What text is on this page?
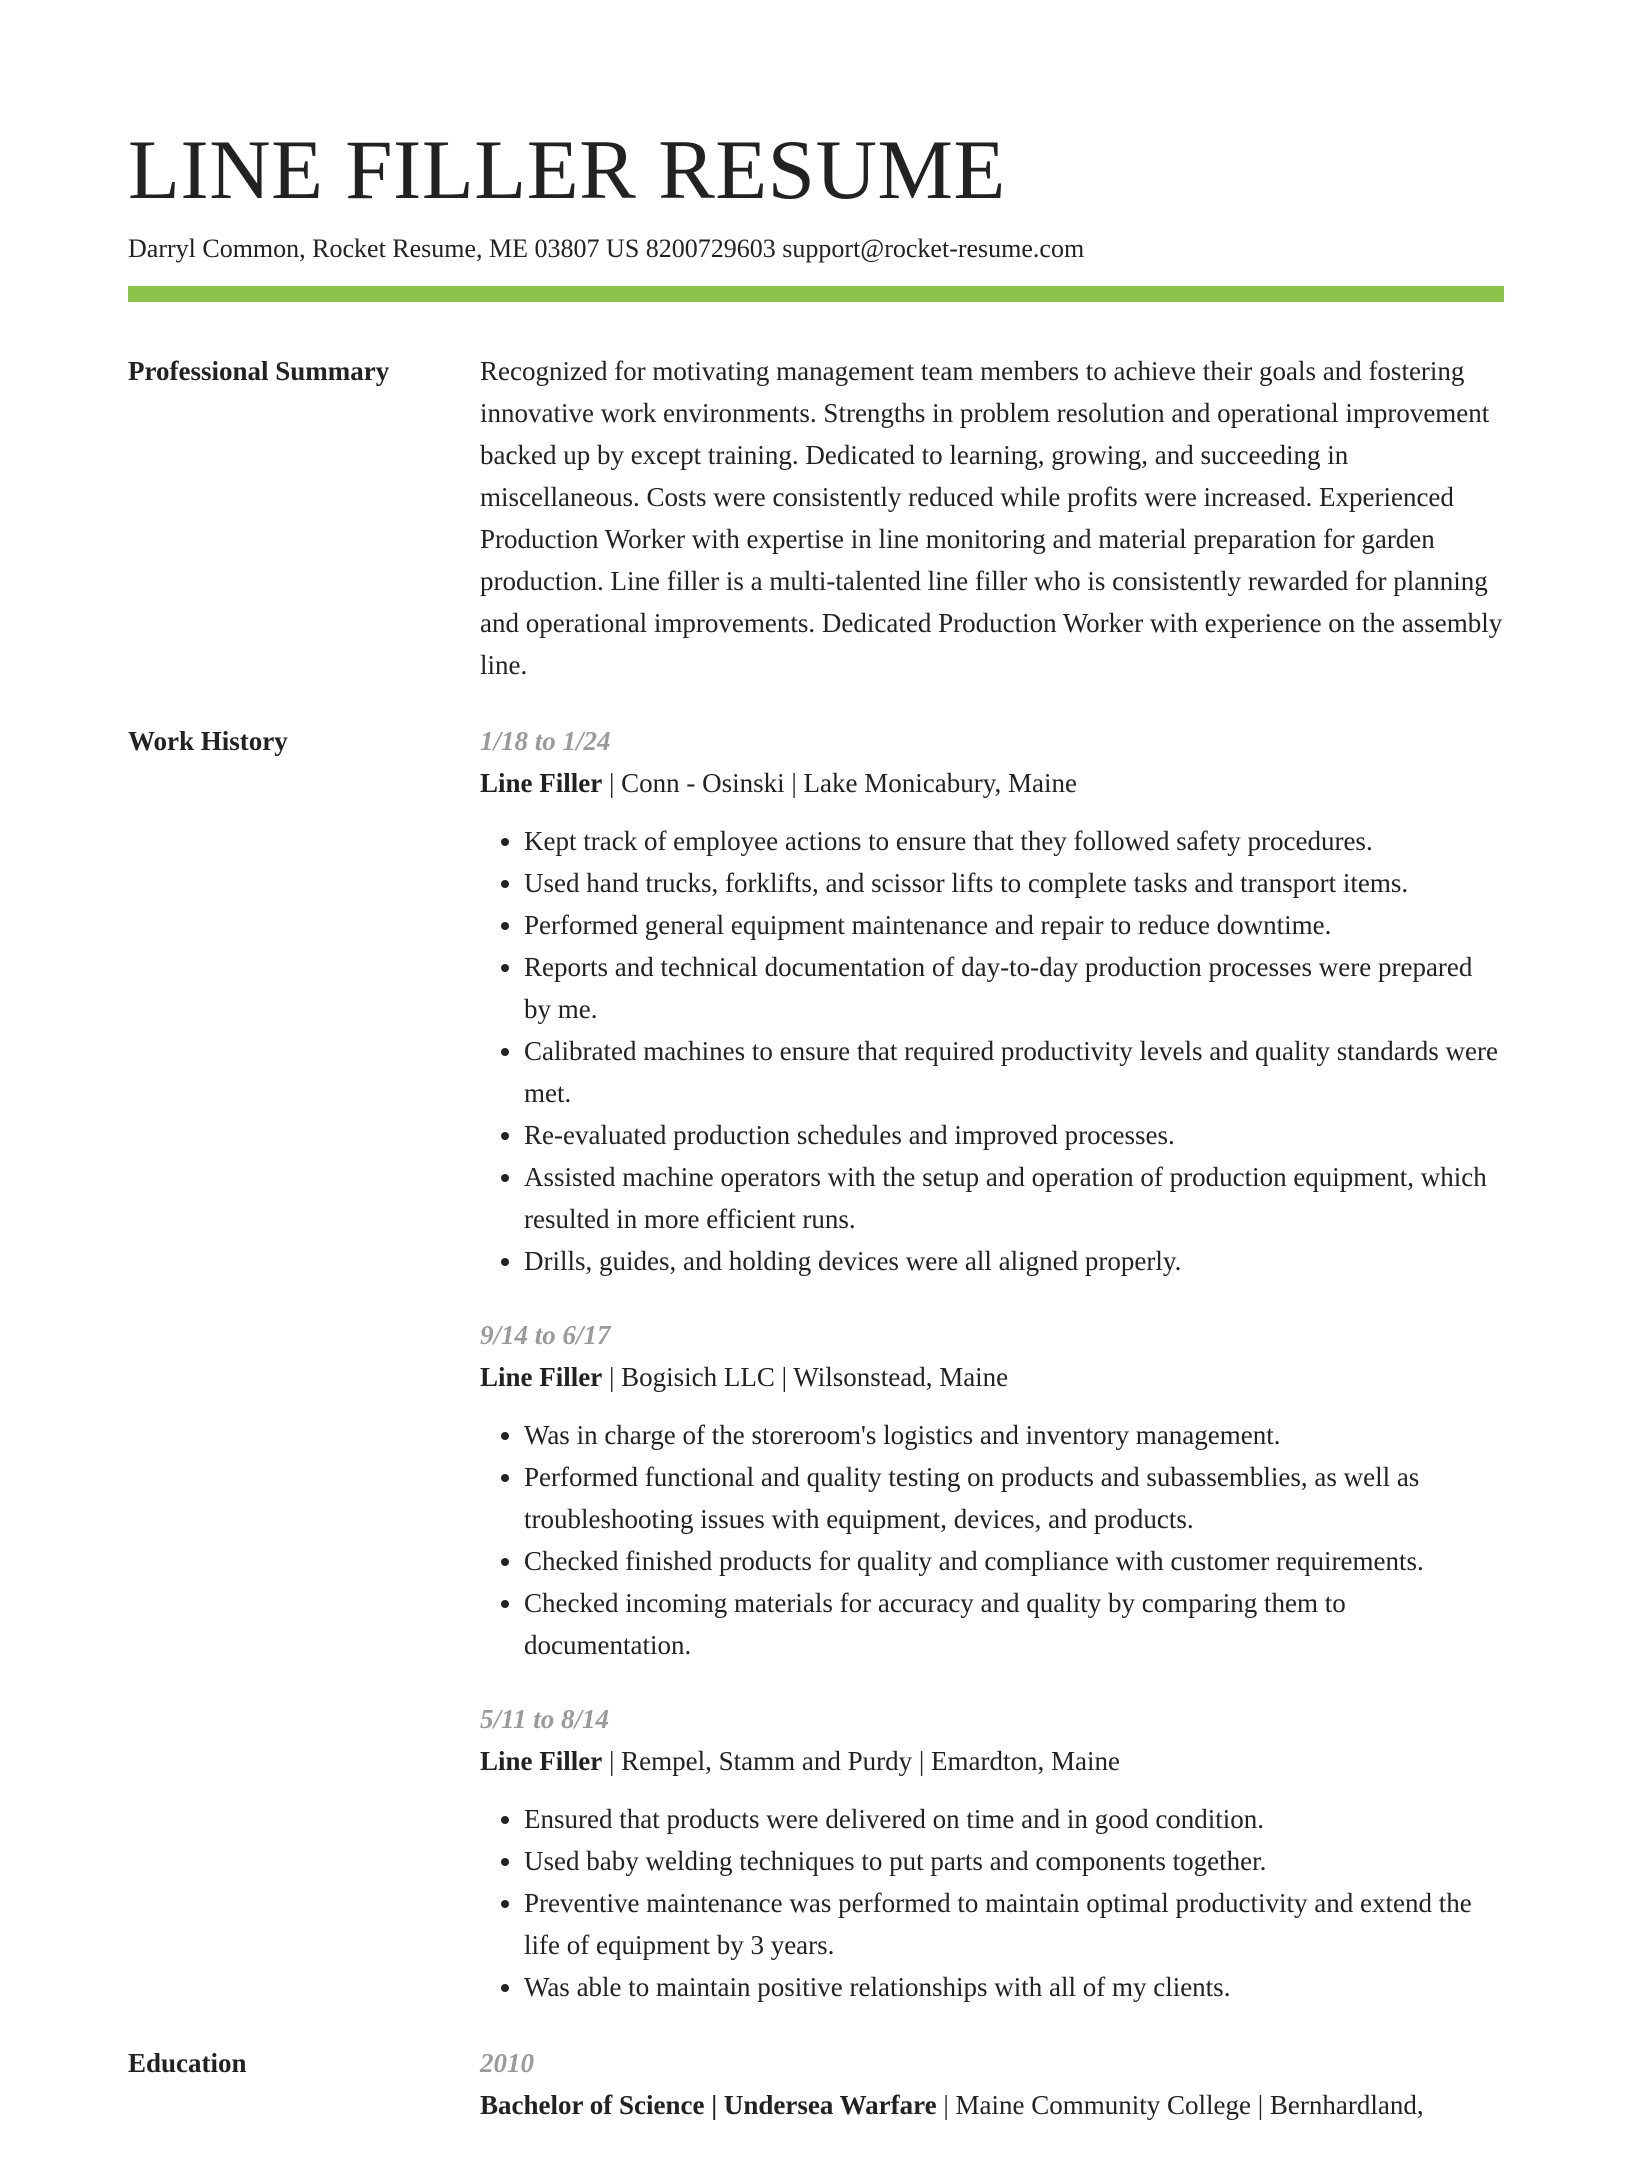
LINE FILLER RESUME
Darryl Common, Rocket Resume, ME 03807 US 8200729603 support@rocket-resume.com
Professional Summary	Recognized for motivating management team members to achieve their goals and fostering innovative work environments. Strengths in problem resolution and operational improvement backed up by except training. Dedicated to learning, growing, and succeeding in miscellaneous. Costs were consistently reduced while profits were increased. Experienced Production Worker with expertise in line monitoring and material preparation for garden production. Line filler is a multi-talented line filler who is consistently rewarded for planning and operational improvements. Dedicated Production Worker with experience on the assembly line.

Work History	1/18 to 1/24
Line Filler | Conn - Osinski | Lake Monicabury, Maine
• Kept track of employee actions to ensure that they followed safety procedures.
• Used hand trucks, forklifts, and scissor lifts to complete tasks and transport items.
• Performed general equipment maintenance and repair to reduce downtime.
• Reports and technical documentation of day-to-day production processes were prepared by me.
• Calibrated machines to ensure that required productivity levels and quality standards were met.
• Re-evaluated production schedules and improved processes.
• Assisted machine operators with the setup and operation of production equipment, which resulted in more efficient runs.
• Drills, guides, and holding devices were all aligned properly.
9/14 to 6/17
Line Filler | Bogisich LLC | Wilsonstead, Maine
• Was in charge of the storeroom's logistics and inventory management.
• Performed functional and quality testing on products and subassemblies, as well as troubleshooting issues with equipment, devices, and products.
• Checked finished products for quality and compliance with customer requirements.
• Checked incoming materials for accuracy and quality by comparing them to documentation.
5/11 to 8/14
Line Filler | Rempel, Stamm and Purdy | Emardton, Maine
• Ensured that products were delivered on time and in good condition.
• Used baby welding techniques to put parts and components together.
• Preventive maintenance was performed to maintain optimal productivity and extend the life of equipment by 3 years.
• Was able to maintain positive relationships with all of my clients.
Education	2010
Bachelor of Science | Undersea Warfare | Maine Community College | Bernhardland,
